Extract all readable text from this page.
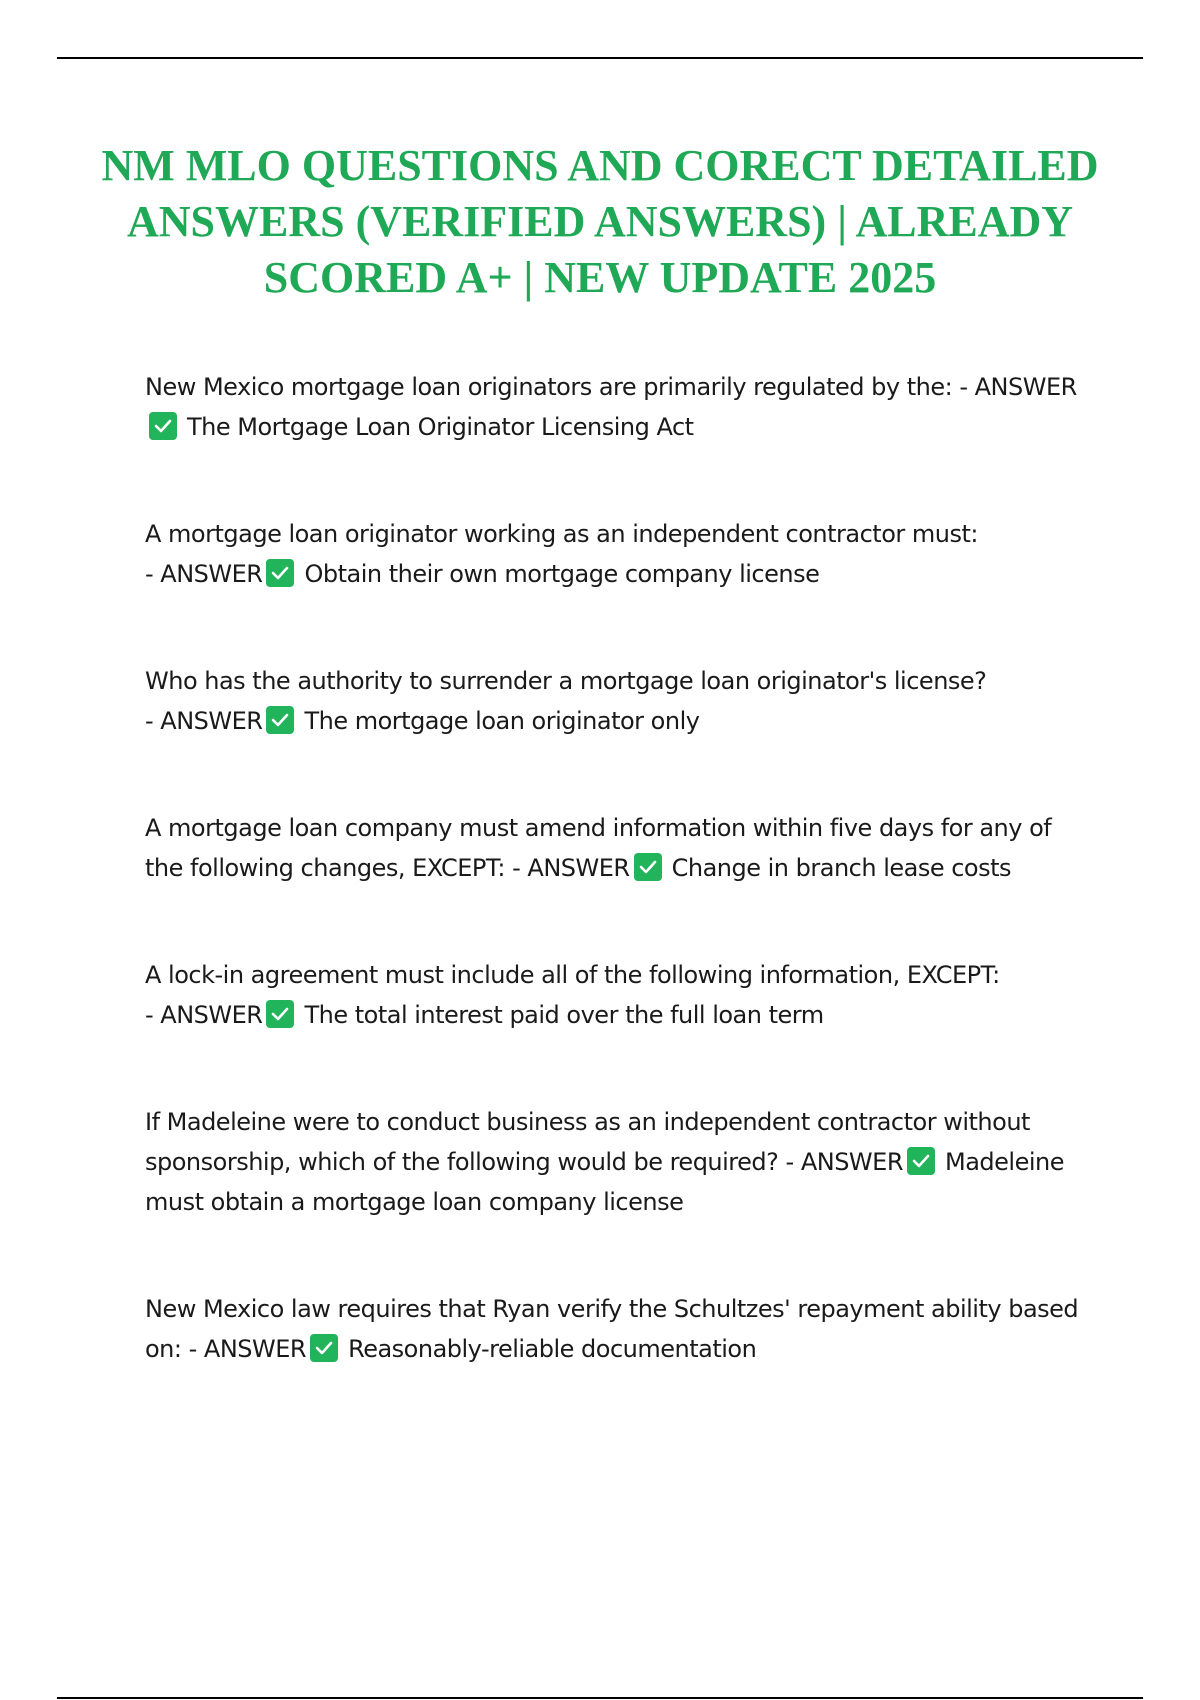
NM MLO QUESTIONS AND CORECT DETAILED ANSWERS (VERIFIED ANSWERS) | ALREADY SCORED A+ | NEW UPDATE 2025
New Mexico mortgage loan originators are primarily regulated by the: - ANSWER
The Mortgage Loan Originator Licensing Act
A mortgage loan originator working as an independent contractor must: - ANSWER Obtain their own mortgage company license
Who has the authority to surrender a mortgage loan originator's license? - ANSWER The mortgage loan originator only
A mortgage loan company must amend information within five days for any of the following changes, EXCEPT: - ANSWER Change in branch lease costs
A lock-in agreement must include all of the following information, EXCEPT: - ANSWER The total interest paid over the full loan term
If Madeleine were to conduct business as an independent contractor without sponsorship, which of the following would be required? - ANSWER Madeleine must obtain a mortgage loan company license
New Mexico law requires that Ryan verify the Schultzes' repayment ability based on: - ANSWER Reasonably-reliable documentation
